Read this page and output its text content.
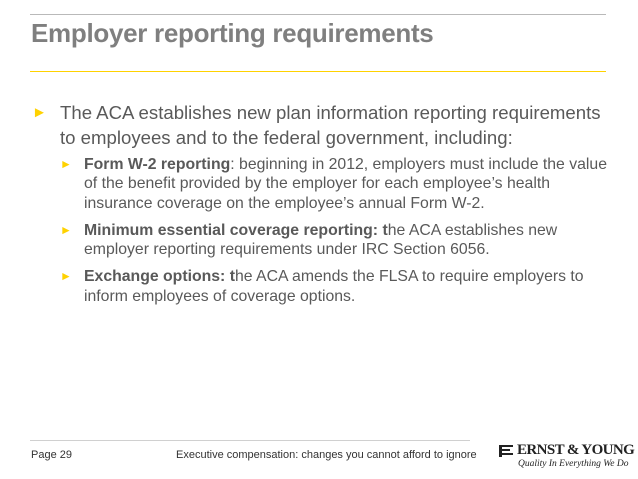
Employer reporting requirements
► The ACA establishes new plan information reporting requirements to employees and to the federal government, including:
► Form W-2 reporting: beginning in 2012, employers must include the value of the benefit provided by the employer for each employee’s health insurance coverage on the employee’s annual Form W-2.
► Minimum essential coverage reporting: the ACA establishes new employer reporting requirements under IRC Section 6056.
► Exchange options: the ACA amends the FLSA to require employers to inform employees of coverage options.
Page 29	Executive compensation: changes you cannot afford to ignore	ERNST & YOUNG
Quality In Everything We Do
